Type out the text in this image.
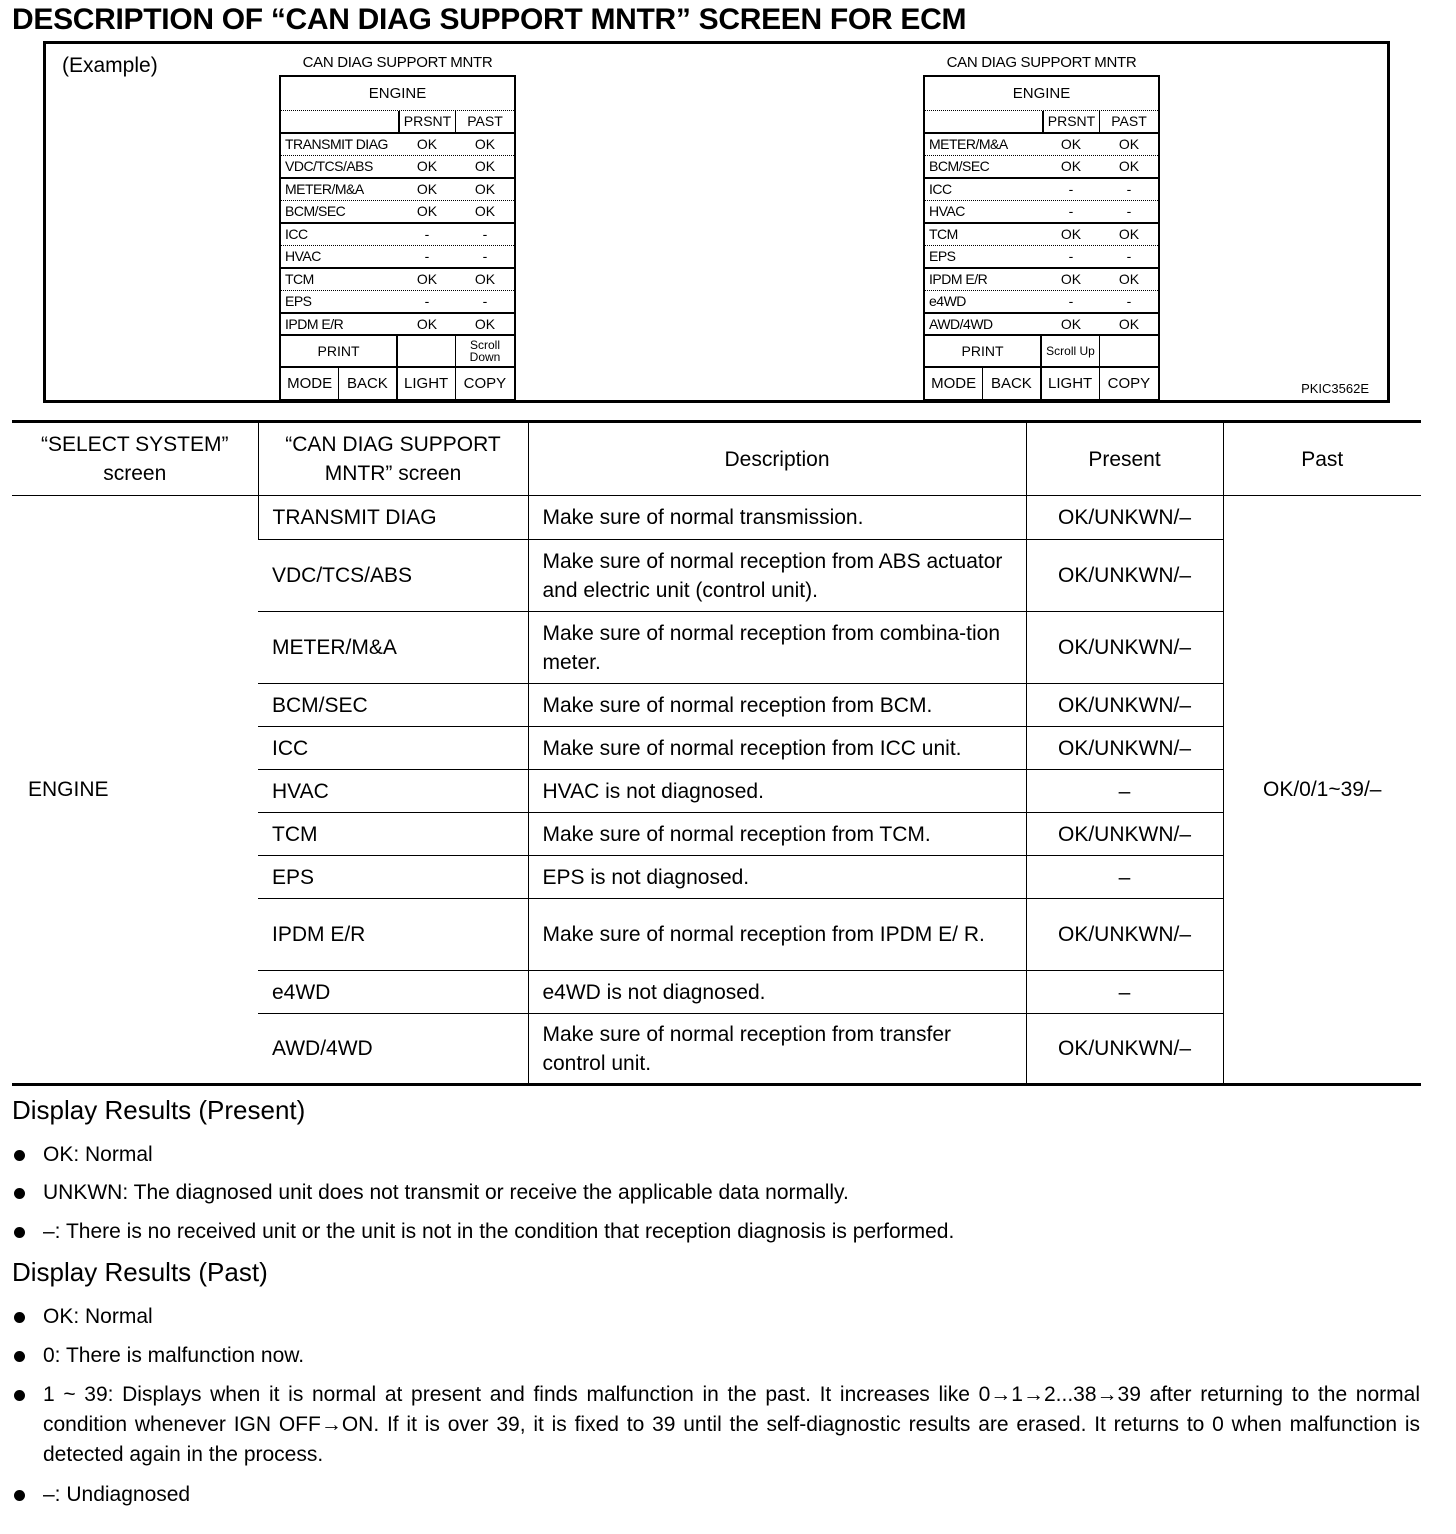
DESCRIPTION OF “CAN DIAG SUPPORT MNTR” SCREEN FOR ECM
(Example)
PKIC3562E
CAN DIAG SUPPORT MNTR
ENGINE
PRSNT	PAST
TRANSMIT DIAG	OK	OK
VDC/TCS/ABS	OK	OK
METER/M&A	OK	OK
BCM/SEC	OK	OK
ICC	-	-
HVAC	-	-
TCM	OK	OK
EPS	-	-
IPDM E/R	OK	OK
PRINT	Scroll Down
MODE BACK	LIGHT	COPY
CAN DIAG SUPPORT MNTR
ENGINE
PRSNT	PAST
METER/M&A	OK	OK
BCM/SEC	OK	OK
ICC	-	-
HVAC	-	-
TCM	OK	OK
EPS	-	-
IPDM E/R	OK	OK
e4WD	-	-
AWD/4WD	OK	OK
PRINT	Scroll Up
MODE BACK	LIGHT	COPY
“SELECT SYSTEM” screen	“CAN DIAG SUPPORT MNTR” screen	Description	Present	Past
ENGINE	TRANSMIT DIAG	Make sure of normal transmission.	OK/UNKWN/–	OK/0/1~39/–
	VDC/TCS/ABS	Make sure of normal reception from ABS actuator and electric unit (control unit).	OK/UNKWN/–	
	METER/M&A	Make sure of normal reception from combina-tion meter.	OK/UNKWN/–	
	BCM/SEC	Make sure of normal reception from BCM.	OK/UNKWN/–	
	ICC	Make sure of normal reception from ICC unit.	OK/UNKWN/–	
	HVAC	HVAC is not diagnosed.	–	
	TCM	Make sure of normal reception from TCM.	OK/UNKWN/–	
	EPS	EPS is not diagnosed.	–	
	IPDM E/R	Make sure of normal reception from IPDM E/ R.	OK/UNKWN/–	
	e4WD	e4WD is not diagnosed.	–	
	AWD/4WD	Make sure of normal reception from transfer control unit.	OK/UNKWN/–	
Display Results (Present)
OK: Normal
UNKWN: The diagnosed unit does not transmit or receive the applicable data normally.
–: There is no received unit or the unit is not in the condition that reception diagnosis is performed.
Display Results (Past)
OK: Normal
0: There is malfunction now.
1 ~ 39: Displays when it is normal at present and finds malfunction in the past. It increases like 0→1→2...38→39 after returning to the normal condition whenever IGN OFF→ON. If it is over 39, it is fixed to 39 until the self-diagnostic results are erased. It returns to 0 when malfunction is detected again in the process.
–: Undiagnosed
